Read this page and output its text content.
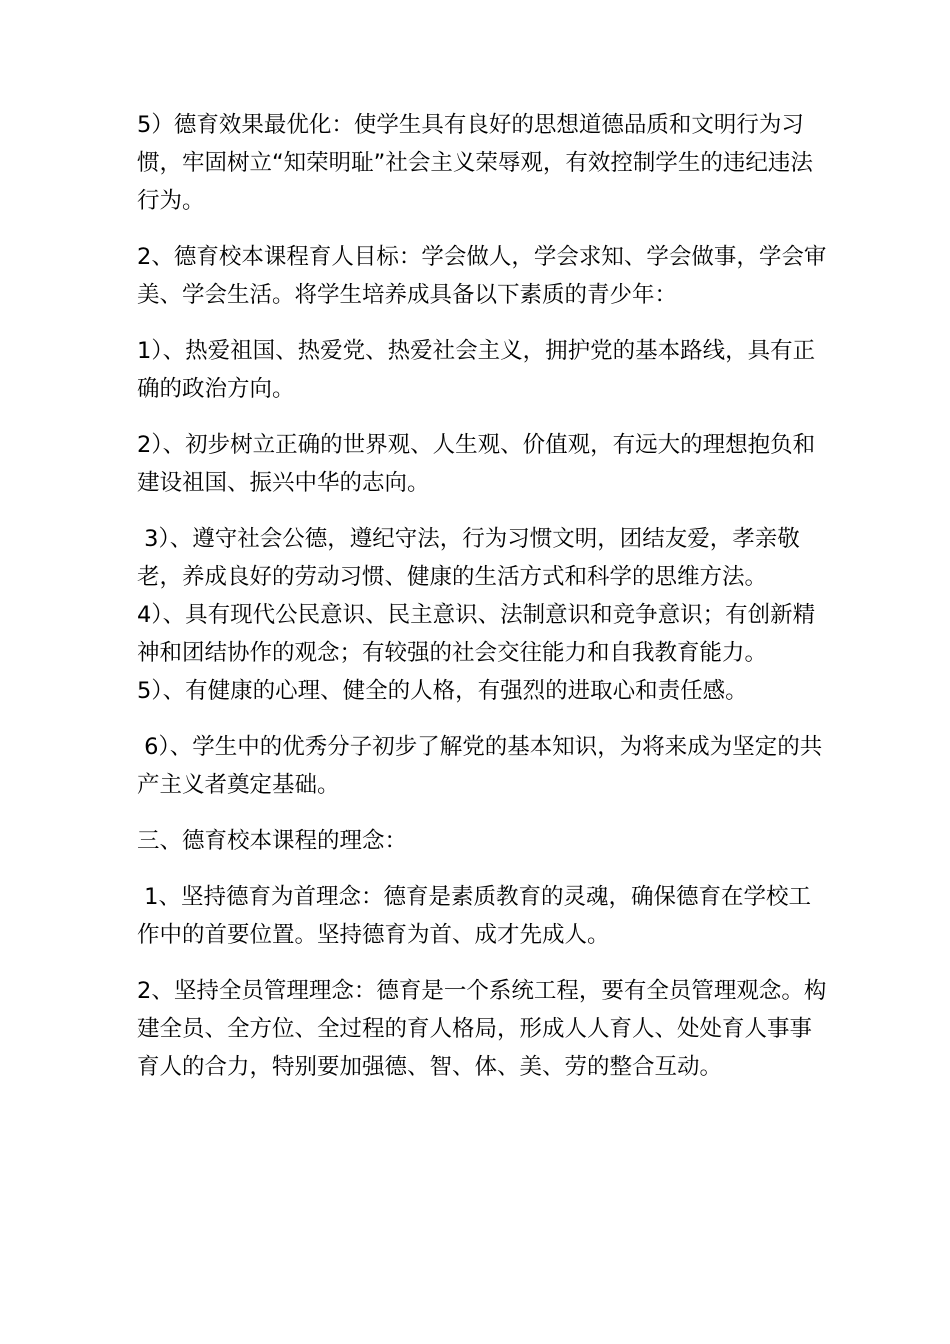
5）德育效果最优化：使学生具有良好的思想道德品质和文明行为习惯，牢固树立“知荣明耻”社会主义荣辱观，有效控制学生的违纪违法行为。

2、德育校本课程育人目标：学会做人，学会求知、学会做事，学会审美、学会生活。将学生培养成具备以下素质的青少年：

1）、热爱祖国、热爱党、热爱社会主义，拥护党的基本路线，具有正确的政治方向。

2）、初步树立正确的世界观、人生观、价值观，有远大的理想抱负和建设祖国、振兴中华的志向。

3）、遵守社会公德，遵纪守法，行为习惯文明，团结友爱，孝亲敬老，养成良好的劳动习惯、健康的生活方式和科学的思维方法。

4）、具有现代公民意识、民主意识、法制意识和竞争意识；有创新精神和团结协作的观念；有较强的社会交往能力和自我教育能力。

5）、有健康的心理、健全的人格，有强烈的进取心和责任感。

6）、学生中的优秀分子初步了解党的基本知识，为将来成为坚定的共产主义者奠定基础。

三、德育校本课程的理念：

1、坚持德育为首理念：德育是素质教育的灵魂，确保德育在学校工作中的首要位置。坚持德育为首、成才先成人。

2、坚持全员管理理念：德育是一个系统工程，要有全员管理观念。构建全员、全方位、全过程的育人格局，形成人人育人、处处育人事事育人的合力，特别要加强德、智、体、美、劳的整合互动。
